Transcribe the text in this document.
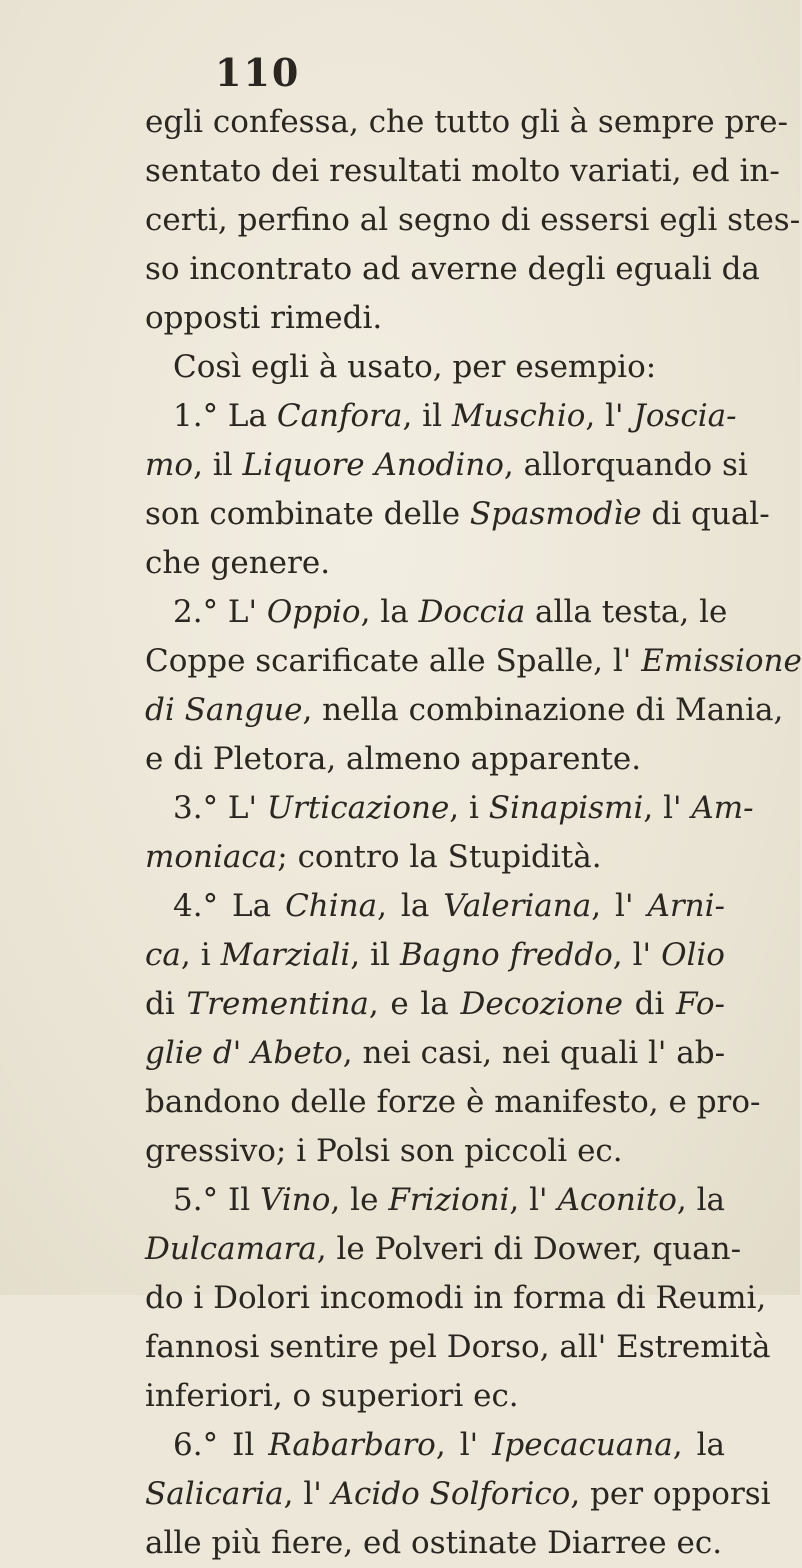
110
egli confessa, che tutto gli à sempre pre-
sentato dei resultati molto variati, ed in-
certi, perfino al segno di essersi egli stes-
so incontrato ad averne degli eguali da
opposti rimedi.
Così egli à usato, per esempio:
1.° La Canfora, il Muschio, l' Joscia-
mo, il Liquore Anodino, allorquando si
son combinate delle Spasmodìe di qual-
che genere.
2.° L' Oppio, la Doccia alla testa, le
Coppe scarificate alle Spalle, l' Emissione
di Sangue, nella combinazione di Mania,
e di Pletora, almeno apparente.
3.° L' Urticazione, i Sinapismi, l' Am-
moniaca; contro la Stupidità.
4.° La China, la Valeriana, l' Arni-
ca, i Marziali, il Bagno freddo, l' Olio
di Trementina, e la Decozione di Fo-
glie d' Abeto, nei casi, nei quali l' ab-
bandono delle forze è manifesto, e pro-
gressivo; i Polsi son piccoli ec.
5.° Il Vino, le Frizioni, l' Aconito, la
Dulcamara, le Polveri di Dower, quan-
do i Dolori incomodi in forma di Reumi,
fannosi sentire pel Dorso, all' Estremità
inferiori, o superiori ec.
6.° Il Rabarbaro, l' Ipecacuana, la
Salicaria, l' Acido Solforico, per opporsi
alle più fiere, ed ostinate Diarree ec.
